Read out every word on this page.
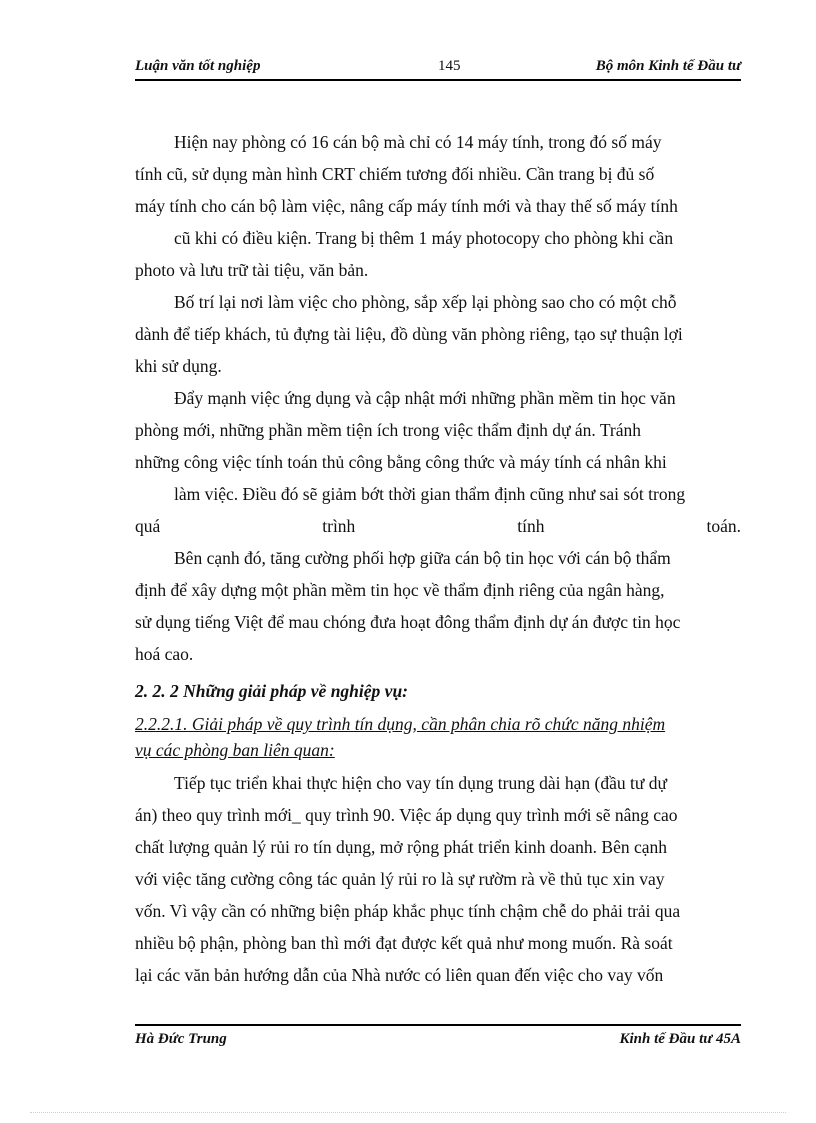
Luận văn tốt nghiệp	145	Bộ môn Kinh tế Đầu tư
Hiện nay phòng có 16 cán bộ mà chỉ có 14 máy tính, trong đó số máy
tính cũ, sử dụng màn hình CRT chiếm tương đối nhiều. Cần trang bị đủ số
máy tính cho cán bộ làm việc, nâng cấp máy tính mới và thay thế số máy tính
cũ khi có điều kiện. Trang bị thêm 1 máy photocopy cho phòng khi cần
photo và lưu trữ tài tiệu, văn bản.
Bố trí lại nơi làm việc cho phòng, sắp xếp lại phòng sao cho có một chỗ
dành để tiếp khách, tủ đựng tài liệu, đồ dùng văn phòng riêng, tạo sự thuận lợi
khi sử dụng.
Đẩy mạnh việc ứng dụng và cập nhật mới những phần mềm tin học văn
phòng mới, những phần mềm tiện ích trong việc thẩm định dự án. Tránh
những công việc tính toán thủ công bằng công thức và máy tính cá nhân khi
làm việc. Điều đó sẽ giảm bớt thời gian thẩm định cũng như sai sót trong
quá	trình	tính	toán.
Bên cạnh đó, tăng cường phối hợp giữa cán bộ tin học với cán bộ thẩm
định để xây dựng một phần mềm tin học về thẩm định riêng của ngân hàng,
sử dụng tiếng Việt để mau chóng đưa hoạt đông thẩm định dự án được tin học
hoá cao.
2. 2. 2 Những giải pháp về nghiệp vụ:
2.2.2.1. Giải pháp về quy trình tín dụng, cần phân chia rõ chức năng nhiệm
vụ các phòng ban liên quan:
Tiếp tục triển khai thực hiện cho vay tín dụng trung dài hạn (đầu tư dự
án) theo quy trình mới_ quy trình 90. Việc áp dụng quy trình mới sẽ nâng cao
chất lượng quản lý rủi ro tín dụng, mở rộng phát triển kinh doanh. Bên cạnh
với việc tăng cường công tác quản lý rủi ro là sự rườm rà về thủ tục xin vay
vốn. Vì vậy cần có những biện pháp khắc phục tính chậm chễ do phải trải qua
nhiều bộ phận, phòng ban thì mới đạt được kết quả như mong muốn. Rà soát
lại các văn bản hướng dẫn của Nhà nước có liên quan đến việc cho vay vốn
Hà Đức Trung	Kinh tế Đầu tư 45A
